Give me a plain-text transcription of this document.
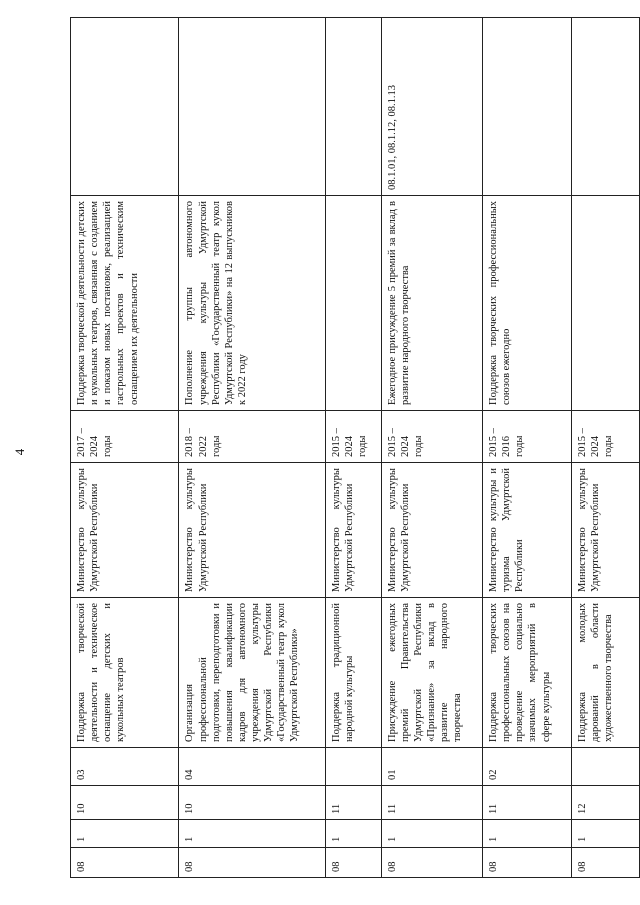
4
08	1	10	03	Поддержка творческой деятельности и техническое оснащение детских и кукольных театров	Министерство культуры Удмуртской Республики	2017 – 2024 годы	Поддержка творческой деятельности детских и кукольных театров, связанная с созданием и показом новых постановок, реализацией гастрольных проектов и техническим оснащением их деятельности	
08	1	10	04	Организация профессиональной подготовки, переподготовки и повышения квалификации кадров для автономного учреждения культуры Удмуртской Республики «Государственный театр кукол Удмуртской Республики»	Министерство культуры Удмуртской Республики	2018 – 2022 годы	Пополнение труппы автономного учреждения культуры Удмуртской Республики «Государственный театр кукол Удмуртской Республики» на 12 выпускников к 2022 году	
08	1	11		Поддержка традиционной народной культуры	Министерство культуры Удмуртской Республики	2015 – 2024 годы		
08	1	11	01	Присуждение ежегодных премий Правительства Удмуртской Республики «Признание» за вклад в развитие народного творчества	Министерство культуры Удмуртской Республики	2015 – 2024 годы	Ежегодное присуждение 5 премий за вклад в развитие народного творчества	08.1.01, 08.1.12, 08.1.13
08	1	11	02	Поддержка творческих профессиональных союзов на проведение социально значимых мероприятий в сфере культуры	Министерство культуры и туризма Удмуртской Республики	2015 – 2016 годы	Поддержка творческих профессиональных союзов ежегодно	
08	1	12		Поддержка молодых дарований в области художественного творчества	Министерство культуры Удмуртской Республики	2015 – 2024 годы		
